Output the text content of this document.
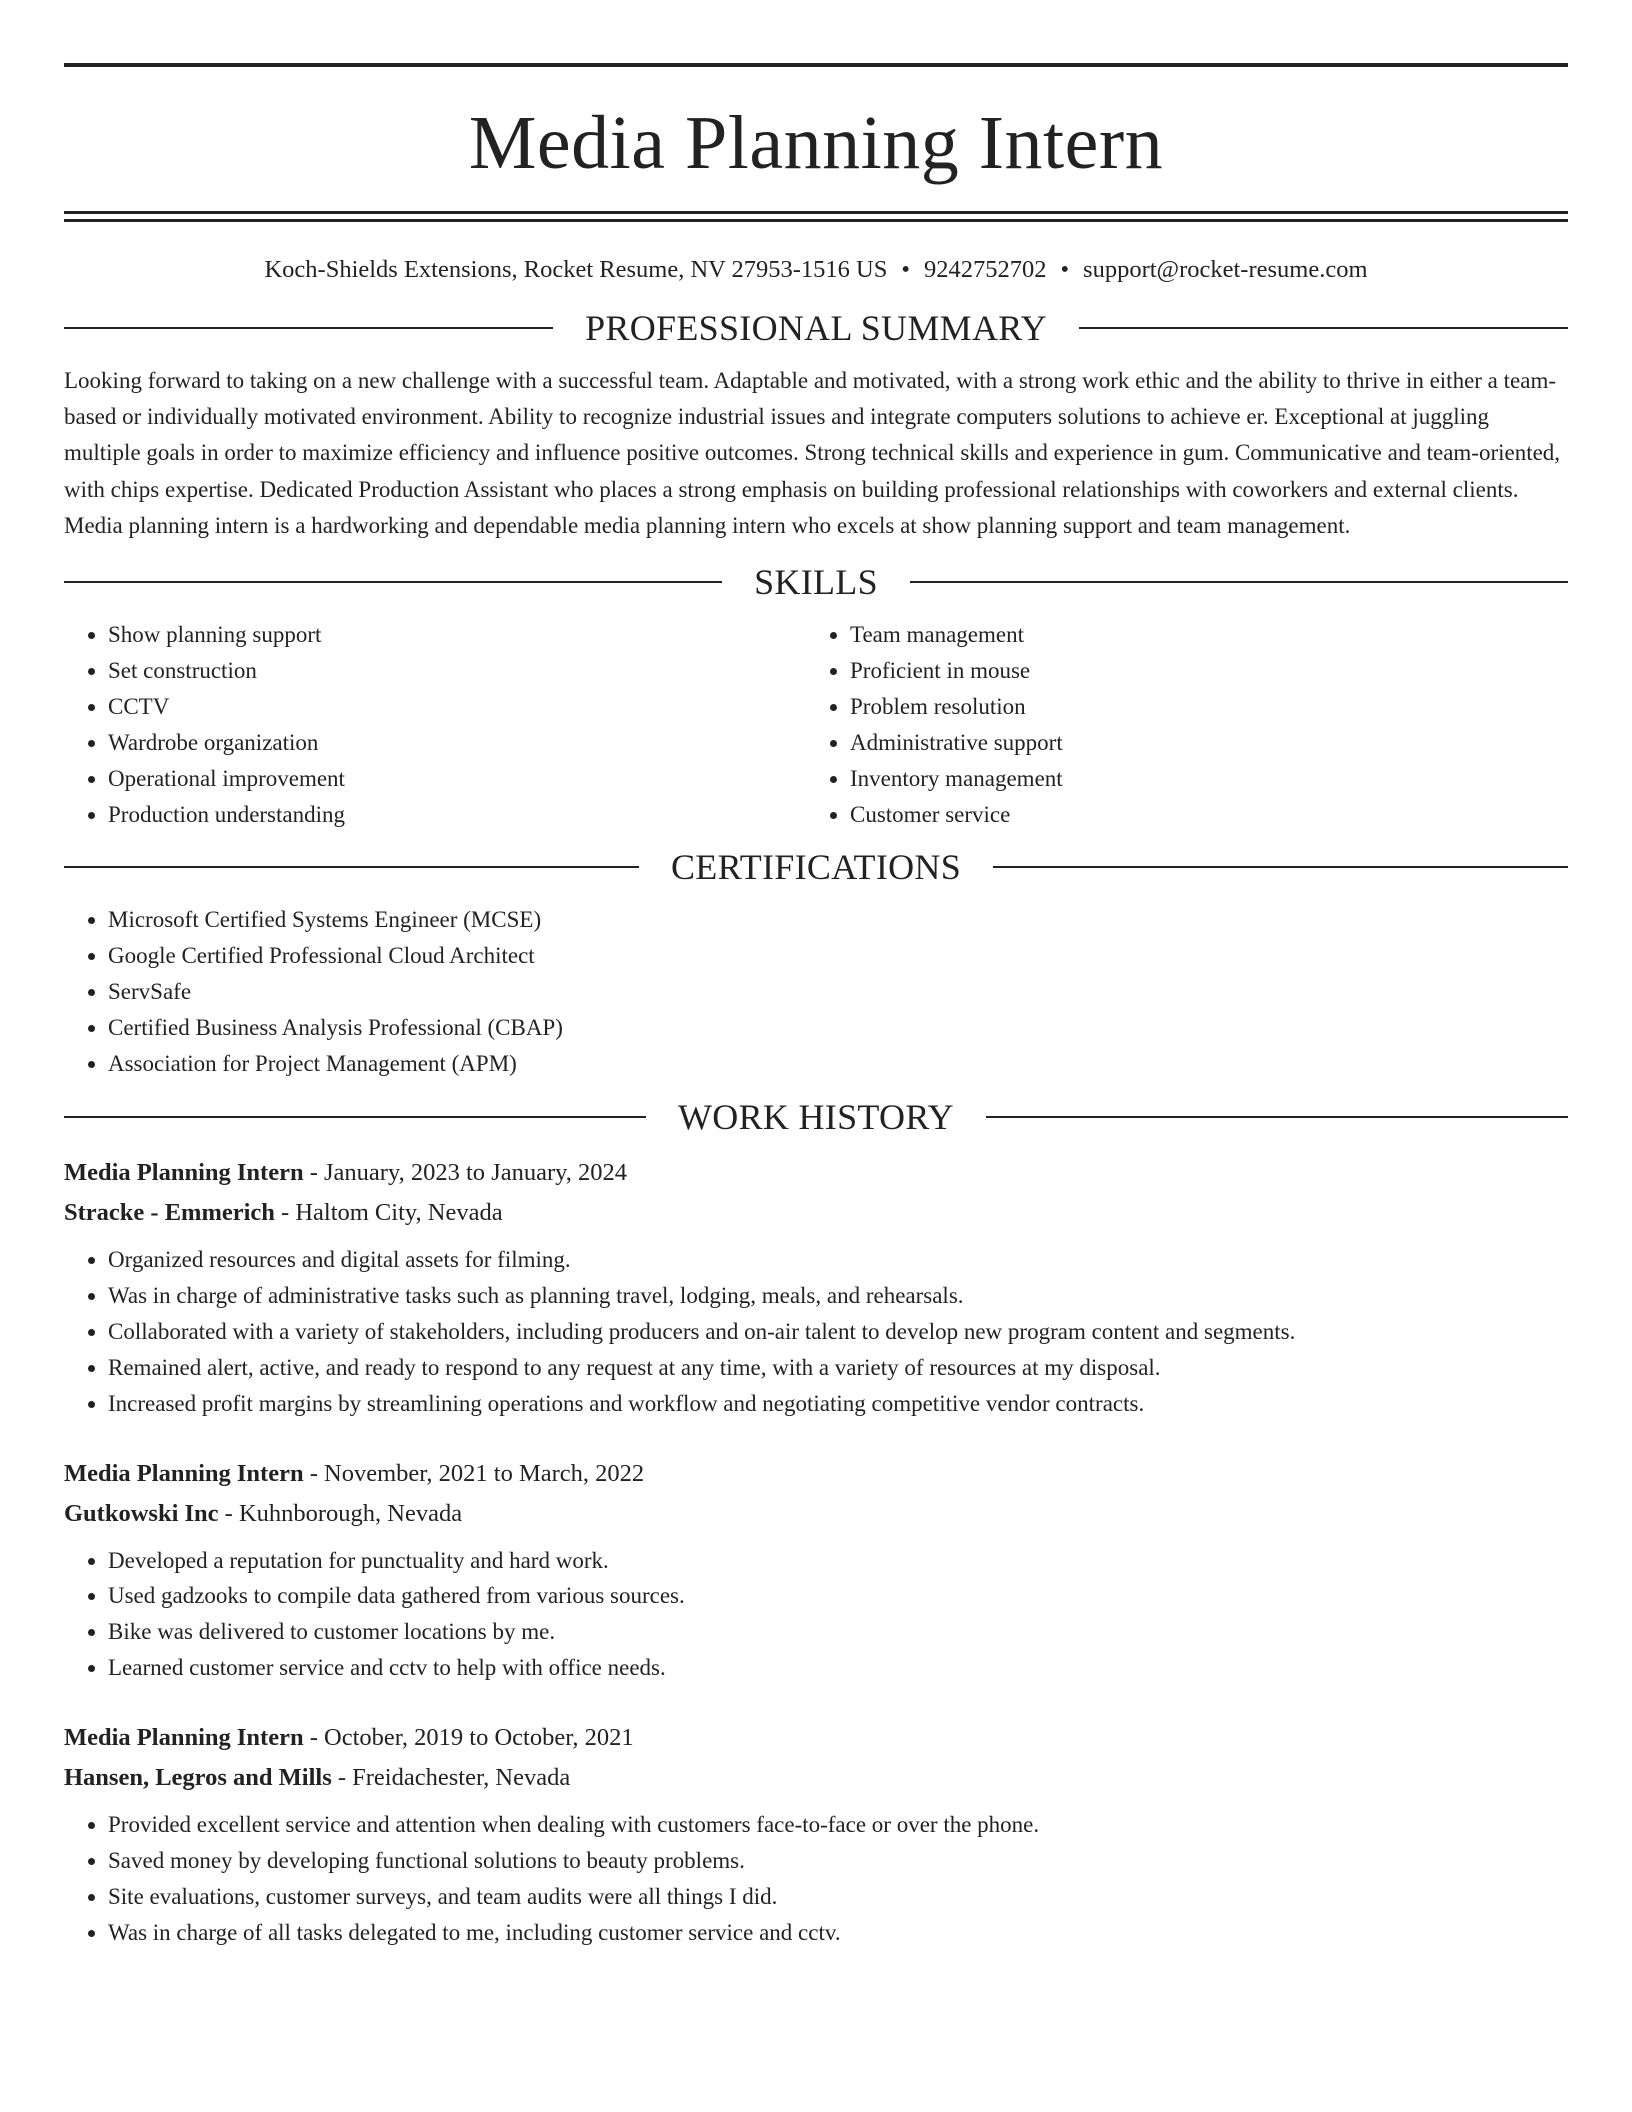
Media Planning Intern
Koch-Shields Extensions, Rocket Resume, NV 27953-1516 US • 9242752702 • support@rocket-resume.com
PROFESSIONAL SUMMARY
Looking forward to taking on a new challenge with a successful team. Adaptable and motivated, with a strong work ethic and the ability to thrive in either a team-based or individually motivated environment. Ability to recognize industrial issues and integrate computers solutions to achieve er. Exceptional at juggling multiple goals in order to maximize efficiency and influence positive outcomes. Strong technical skills and experience in gum. Communicative and team-oriented, with chips expertise. Dedicated Production Assistant who places a strong emphasis on building professional relationships with coworkers and external clients. Media planning intern is a hardworking and dependable media planning intern who excels at show planning support and team management.
SKILLS
• Show planning support
• Set construction
• CCTV
• Wardrobe organization
• Operational improvement
• Production understanding
• Team management
• Proficient in mouse
• Problem resolution
• Administrative support
• Inventory management
• Customer service
CERTIFICATIONS
• Microsoft Certified Systems Engineer (MCSE)
• Google Certified Professional Cloud Architect
• ServSafe
• Certified Business Analysis Professional (CBAP)
• Association for Project Management (APM)
WORK HISTORY
Media Planning Intern - January, 2023 to January, 2024
Stracke - Emmerich - Haltom City, Nevada
• Organized resources and digital assets for filming.
• Was in charge of administrative tasks such as planning travel, lodging, meals, and rehearsals.
• Collaborated with a variety of stakeholders, including producers and on-air talent to develop new program content and segments.
• Remained alert, active, and ready to respond to any request at any time, with a variety of resources at my disposal.
• Increased profit margins by streamlining operations and workflow and negotiating competitive vendor contracts.
Media Planning Intern - November, 2021 to March, 2022
Gutkowski Inc - Kuhnborough, Nevada
• Developed a reputation for punctuality and hard work.
• Used gadzooks to compile data gathered from various sources.
• Bike was delivered to customer locations by me.
• Learned customer service and cctv to help with office needs.
Media Planning Intern - October, 2019 to October, 2021
Hansen, Legros and Mills - Freidachester, Nevada
• Provided excellent service and attention when dealing with customers face-to-face or over the phone.
• Saved money by developing functional solutions to beauty problems.
• Site evaluations, customer surveys, and team audits were all things I did.
• Was in charge of all tasks delegated to me, including customer service and cctv.
